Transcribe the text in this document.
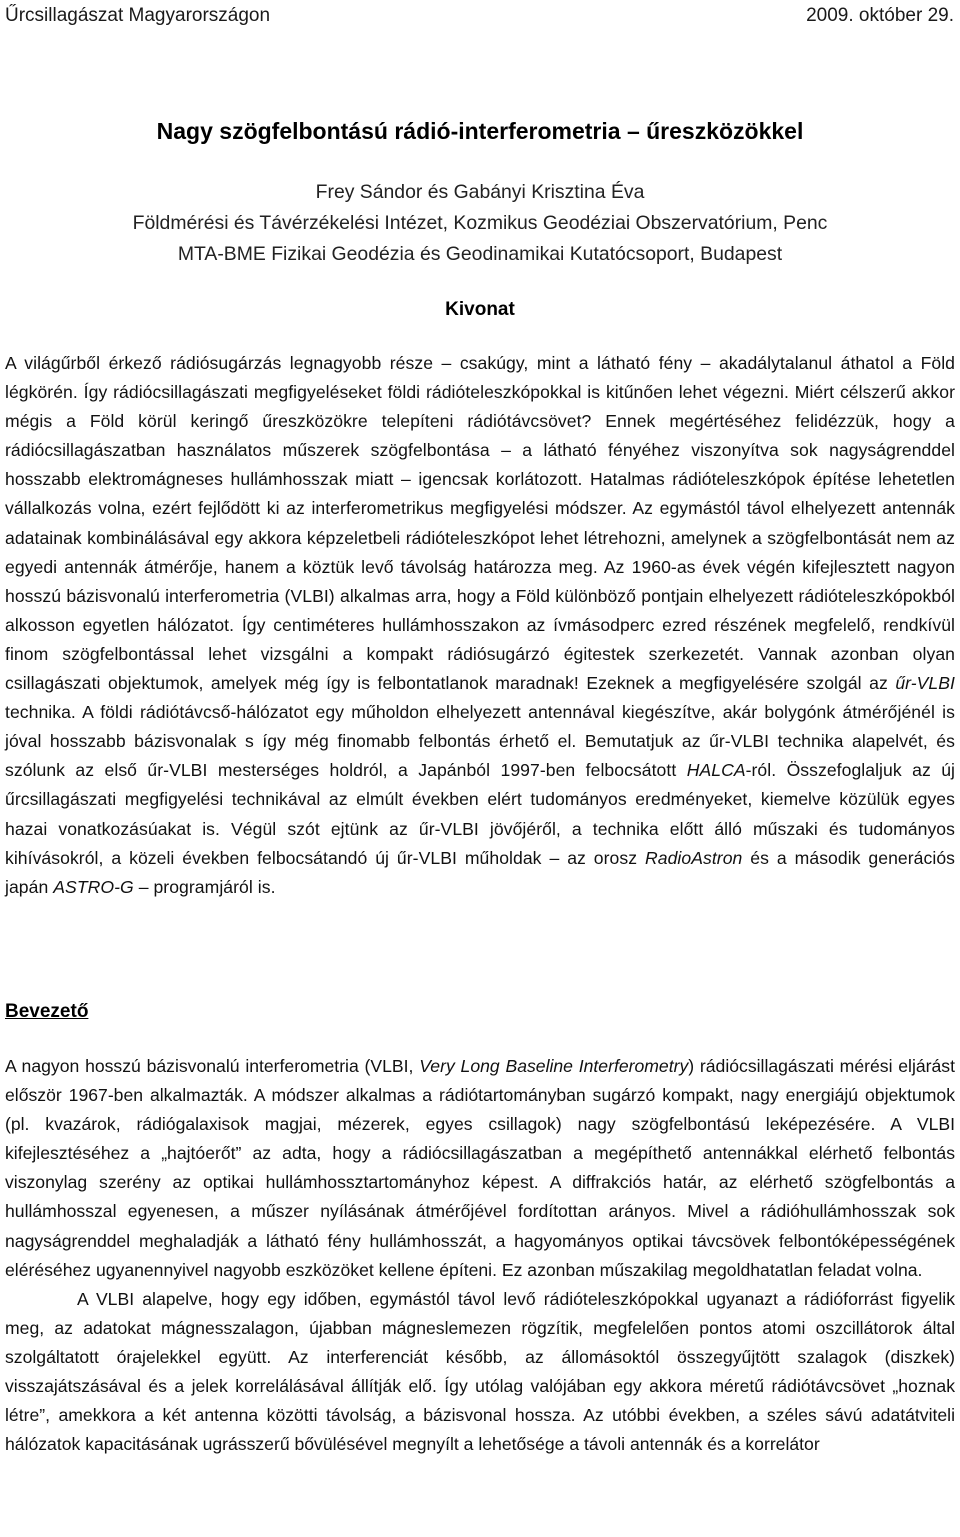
Űrcsillagászat Magyarországon	2009. október 29.
Nagy szögfelbontású rádió-interferometria – űreszközökkel
Frey Sándor és Gabányi Krisztina Éva
Földmérési és Távérzékelési Intézet, Kozmikus Geodéziai Obszervatórium, Penc
MTA-BME Fizikai Geodézia és Geodinamikai Kutatócsoport, Budapest
Kivonat

A világűrből érkező rádiósugárzás legnagyobb része – csakúgy, mint a látható fény – akadálytalanul áthatol a Föld légkörén. Így rádiócsillagászati megfigyeléseket földi rádióteleszkópokkal is kitűnően lehet végezni. Miért célszerű akkor mégis a Föld körül keringő űreszközökre telepíteni rádiótávcsövet? Ennek megértéséhez felidézzük, hogy a rádiócsillagászatban használatos műszerek szögfelbontása – a látható fényéhez viszonyítva sok nagyságrenddel hosszabb elektromágneses hullámhosszak miatt – igencsak korlátozott. Hatalmas rádióteleszkópok építése lehetetlen vállalkozás volna, ezért fejlődött ki az interferometrikus megfigyelési módszer. Az egymástól távol elhelyezett antennák adatainak kombinálásával egy akkora képzeletbeli rádióteleszkópot lehet létrehozni, amelynek a szögfelbontását nem az egyedi antennák átmérője, hanem a köztük levő távolság határozza meg. Az 1960-as évek végén kifejlesztett nagyon hosszú bázisvonalú interferometria (VLBI) alkalmas arra, hogy a Föld különböző pontjain elhelyezett rádióteleszkópokból alkosson egyetlen hálózatot. Így centiméteres hullámhosszakon az ívmásodperc ezred részének megfelelő, rendkívül finom szögfelbontással lehet vizsgálni a kompakt rádiósugárzó égitestek szerkezetét. Vannak azonban olyan csillagászati objektumok, amelyek még így is felbontatlanok maradnak! Ezeknek a megfigyelésére szolgál az űr-VLBI technika. A földi rádiótávcső-hálózatot egy műholdon elhelyezett antennával kiegészítve, akár bolygónk átmérőjénél is jóval hosszabb bázisvonalak s így még finomabb felbontás érhető el. Bemutatjuk az űr-VLBI technika alapelvét, és szólunk az első űr-VLBI mesterséges holdról, a Japánból 1997-ben felbocsátott HALCA-ról. Összefoglaljuk az új űrcsillagászati megfigyelési technikával az elmúlt években elért tudományos eredményeket, kiemelve közülük egyes hazai vonatkozásúakat is. Végül szót ejtünk az űr-VLBI jövőjéről, a technika előtt álló műszaki és tudományos kihívásokról, a közeli években felbocsátandó új űr-VLBI műholdak – az orosz RadioAstron és a második generációs japán ASTRO-G – programjáról is.

Bevezető

A nagyon hosszú bázisvonalú interferometria (VLBI, Very Long Baseline Interferometry) rádiócsillagászati mérési eljárást először 1967-ben alkalmazták. A módszer alkalmas a rádiótartományban sugárzó kompakt, nagy energiájú objektumok (pl. kvazárok, rádiógalaxisok magjai, mézerek, egyes csillagok) nagy szögfelbontású leképezésére. A VLBI kifejlesztéséhez a „hajtóerőt” az adta, hogy a rádiócsillagászatban a megépíthető antennákkal elérhető felbontás viszonylag szerény az optikai hullámhossztartományhoz képest. A diffrakciós határ, az elérhető szögfelbontás a hullámhosszal egyenesen, a műszer nyílásának átmérőjével fordítottan arányos. Mivel a rádióhullámhosszak sok nagyságrenddel meghaladják a látható fény hullámhosszát, a hagyományos optikai távcsövek felbontóképességének eléréséhez ugyanennyivel nagyobb eszközöket kellene építeni. Ez azonban műszakilag megoldhatatlan feladat volna.

A VLBI alapelve, hogy egy időben, egymástól távol levő rádióteleszkópokkal ugyanazt a rádióforrást figyelik meg, az adatokat mágnesszalagon, újabban mágneslemezen rögzítik, megfelelően pontos atomi oszcillátorok által szolgáltatott órajelekkel együtt. Az interferenciát később, az állomásoktól összegyűjtött szalagok (diszkek) visszajátszásával és a jelek korrelálásával állítják elő. Így utólag valójában egy akkora méretű rádiótávcsövet „hoznak létre”, amekkora a két antenna közötti távolság, a bázisvonal hossza. Az utóbbi években, a széles sávú adatátviteli hálózatok kapacitásának ugrásszerű bővülésével megnyílt a lehetősége a távoli antennák és a korrelátor
